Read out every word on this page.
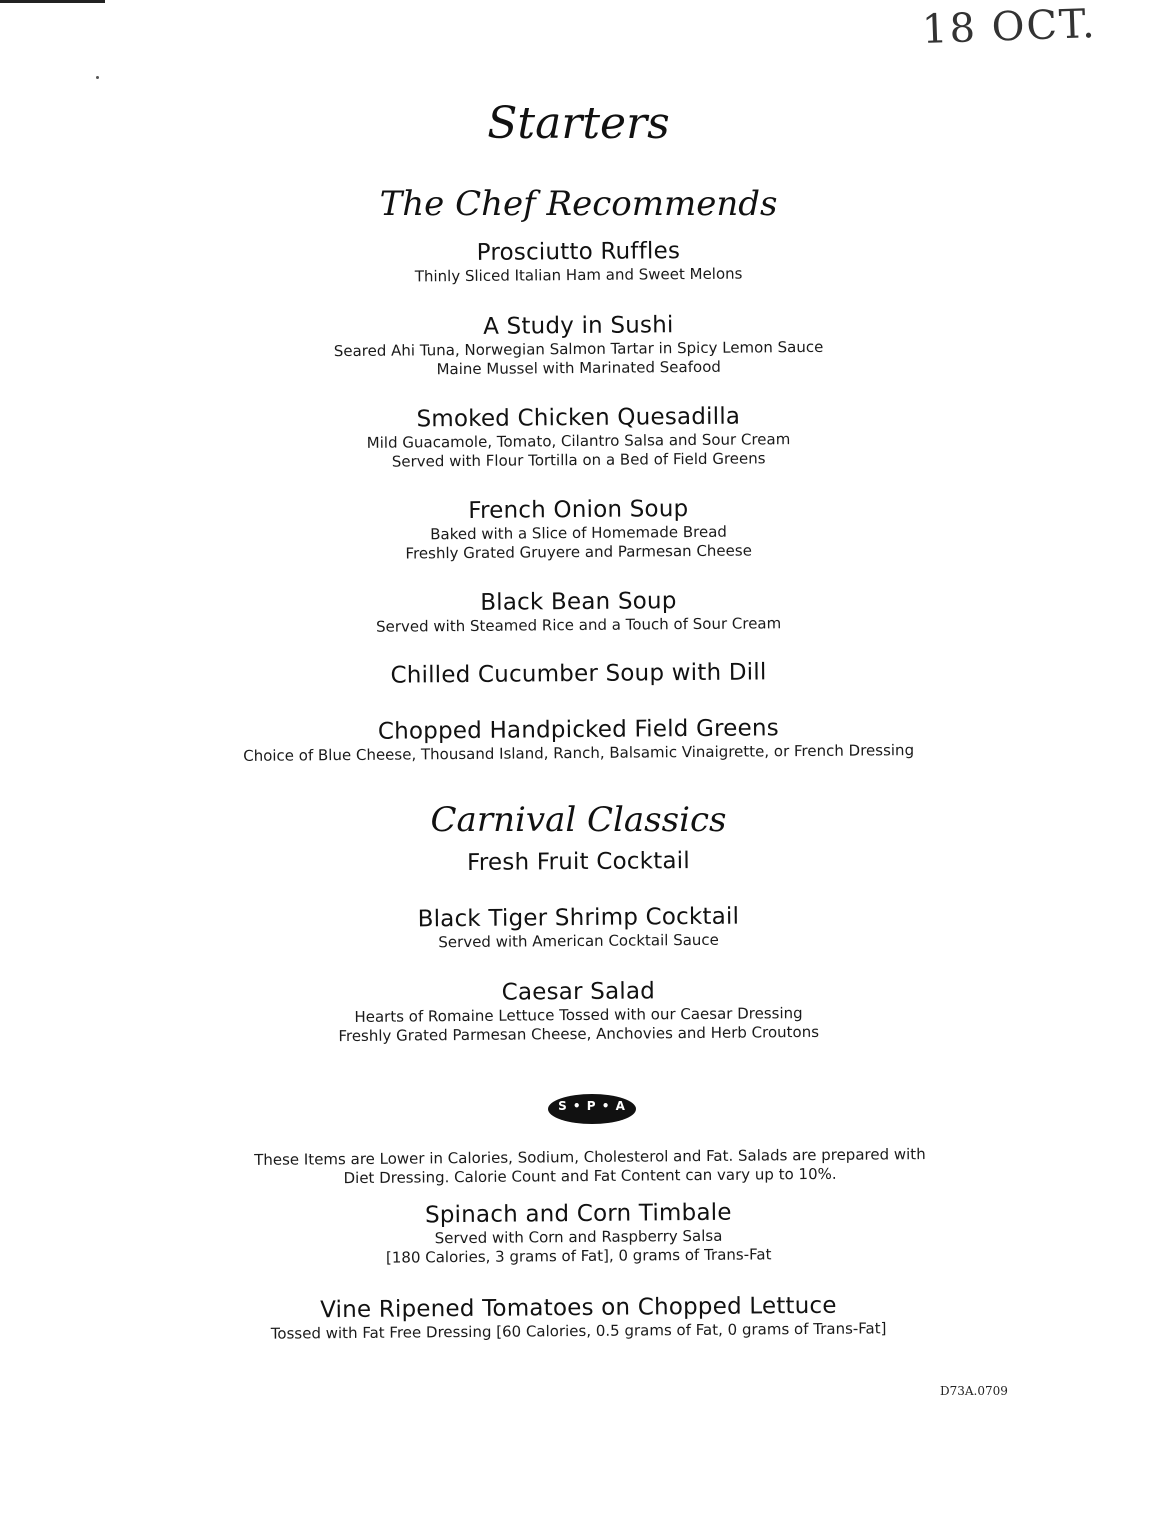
18 OCT.
Starters
The Chef Recommends
Prosciutto Ruffles
Thinly Sliced Italian Ham and Sweet Melons
A Study in Sushi
Seared Ahi Tuna, Norwegian Salmon Tartar in Spicy Lemon Sauce
Maine Mussel with Marinated Seafood
Smoked Chicken Quesadilla
Mild Guacamole, Tomato, Cilantro Salsa and Sour Cream
Served with Flour Tortilla on a Bed of Field Greens
French Onion Soup
Baked with a Slice of Homemade Bread
Freshly Grated Gruyere and Parmesan Cheese
Black Bean Soup
Served with Steamed Rice and a Touch of Sour Cream
Chilled Cucumber Soup with Dill
Chopped Handpicked Field Greens
Choice of Blue Cheese, Thousand Island, Ranch, Balsamic Vinaigrette, or French Dressing
Carnival Classics
Fresh Fruit Cocktail
Black Tiger Shrimp Cocktail
Served with American Cocktail Sauce
Caesar Salad
Hearts of Romaine Lettuce Tossed with our Caesar Dressing
Freshly Grated Parmesan Cheese, Anchovies and Herb Croutons
S • P • A
These Items are Lower in Calories, Sodium, Cholesterol and Fat. Salads are prepared with
Diet Dressing. Calorie Count and Fat Content can vary up to 10%.
Spinach and Corn Timbale
Served with Corn and Raspberry Salsa
[180 Calories, 3 grams of Fat], 0 grams of Trans-Fat
Vine Ripened Tomatoes on Chopped Lettuce
Tossed with Fat Free Dressing [60 Calories, 0.5 grams of Fat, 0 grams of Trans-Fat]
D73A.0709
